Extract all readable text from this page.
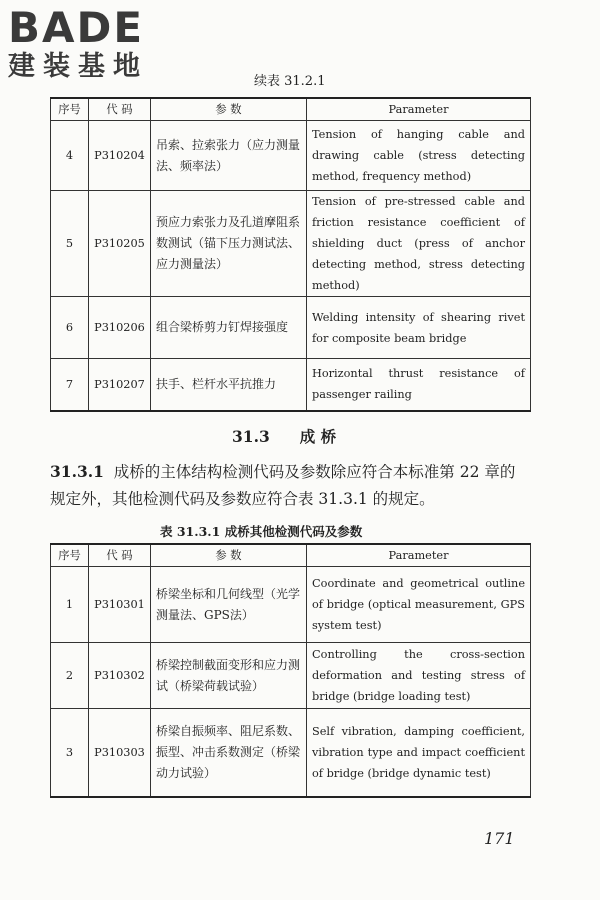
BADE
建装基地	续表 31.2.1
序号	代 码	参 数	Parameter
4	P310204	吊索、拉索张力（应力测量法、频率法）	Tension of hanging cable and drawing cable (stress detecting method, frequency method)
5	P310205	预应力索张力及孔道摩阻系数测试（锚下压力测试法、应力测量法）	Tension of pre-stressed cable and friction resistance coefficient of shielding duct (press of anchor detecting method, stress detecting method)
6	P310206	组合梁桥剪力钉焊接强度	Welding intensity of shearing rivet for composite beam bridge
7	P310207	扶手、栏杆水平抗推力	Horizontal thrust resistance of passenger railing
31.3 成 桥
31.3.1 成桥的主体结构检测代码及参数除应符合本标准第 22 章的规定外，其他检测代码及参数应符合表 31.3.1 的规定。
表 31.3.1 成桥其他检测代码及参数
序号	代 码	参 数	Parameter
1	P310301	桥梁坐标和几何线型（光学测量法、GPS法）	Coordinate and geometrical outline of bridge (optical measurement, GPS system test)
2	P310302	桥梁控制截面变形和应力测试（桥梁荷载试验）	Controlling the cross-section deformation and testing stress of bridge (bridge loading test)
3	P310303	桥梁自振频率、阻尼系数、振型、冲击系数测定（桥梁动力试验）	Self vibration, damping coefficient, vibration type and impact coefficient of bridge (bridge dynamic test)
171
